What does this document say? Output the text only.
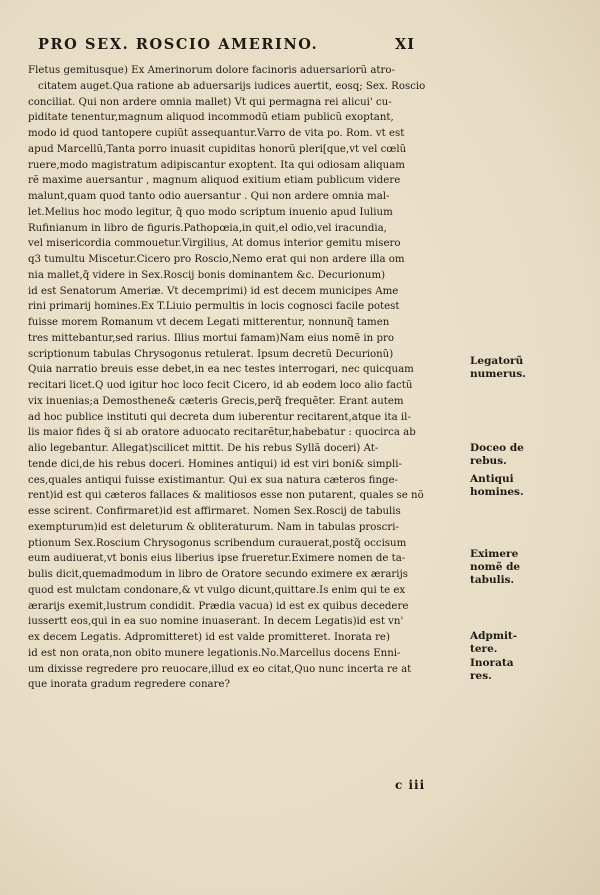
PRO SEX. ROSCIO AMERINO.	XI
Fletus gemitusque) Ex Amerinorum dolore facinoris aduersariorũ atro-
citatem auget.Qua ratione ab aduersarijs iudices auertit, eosq; Sex. Roscio
conciliat. Qui non ardere omnia mallet) Vt qui permagna rei alicui' cu-
piditate tenentur,magnum aliquod incommodũ etiam publicũ exoptant,
modo id quod tantopere cupiũt assequantur.Varro de vita po. Rom. vt est
apud Marcellũ,Tanta porro inuasit cupiditas honorũ pleri[que,vt vel cœlũ
ruere,modo magistratum adipiscantur exoptent. Ita qui odiosam aliquam
rẽ maxime auersantur , magnum aliquod exitium etiam publicum videre
malunt,quam quod tanto odio auersantur . Qui non ardere omnia mal-
let.Melius hoc modo legitur, q̃ quo modo scriptum inuenio apud Iulium
Rufinianum in libro de figuris.Pathopœia,in quit,el odio,vel iracundia,
vel misericordia commouetur.Virgilius, At domus interior gemitu misero
q3 tumultu Miscetur.Cicero pro Roscio,Nemo erat qui non ardere illa om
nia mallet,q̃ videre in Sex.Roscij bonis dominantem &c. Decurionum)
id est Senatorum Ameriæ. Vt decemprimi) id est decem municipes Ame
rini primarij homines.Ex T.Liuio permultis in locis cognosci facile potest
fuisse morem Romanum vt decem Legati mitterentur, nonnunq̃ tamen
tres mittebantur,sed rarius. Illius mortui famam)Nam eius nomẽ in pro
scriptionum tabulas Chrysogonus retulerat. Ipsum decretũ Decurionũ)
Quia narratio breuis esse debet,in ea nec testes interrogari, nec quicquam
recitari licet.Q uod igitur hoc loco fecit Cicero, id ab eodem loco alio factũ
vix inuenias;a Demosthene& cæteris Grecis,perq̃ frequẽter. Erant autem
ad hoc publice instituti qui decreta dum iuberentur recitarent,atque ita il-
lis maior fides q̃ si ab oratore aduocato recitarẽtur,habebatur : quocirca ab
alio legebantur. Allegat)scilicet mittit. De his rebus Syllã doceri) At-
tende dici,de his rebus doceri. Homines antiqui) id est viri boni& simpli-
ces,quales antiqui fuisse existimantur. Qui ex sua natura cæteros finge-
rent)id est qui cæteros fallaces & malitiosos esse non putarent, quales se nõ
esse scirent. Confirmaret)id est affirmaret. Nomen Sex.Roscij de tabulis
exempturum)id est deleturum & obliteraturum. Nam in tabulas proscri-
ptionum Sex.Roscium Chrysogonus scribendum curauerat,postq̃ occisum
eum audiuerat,vt bonis eius liberius ipse frueretur.Eximere nomen de ta-
bulis dicit,quemadmodum in libro de Oratore secundo eximere ex ærarijs
quod est mulctam condonare,& vt vulgo dicunt,quittare.Is enim qui te ex
ærarijs exemit,lustrum condidit. Prædia vacua) id est ex quibus decedere
iussertt eos,qui in ea suo nomine inuaserant. In decem Legatis)id est vn'
ex decem Legatis. Adpromitteret) id est valde promitteret. Inorata re)
id est non orata,non obito munere legationis.No.Marcellus docens Enni-
um dixisse regredere pro reuocare,illud ex eo citat,Quo nunc incerta re at
que inorata gradum regredere conare?
Legatorũ
numerus.
Doceo de
rebus.
Antiqui
homines.
Eximere
nomẽ de
tabulis.
Adpmit-
tere.
Inorata
res.
c iii
